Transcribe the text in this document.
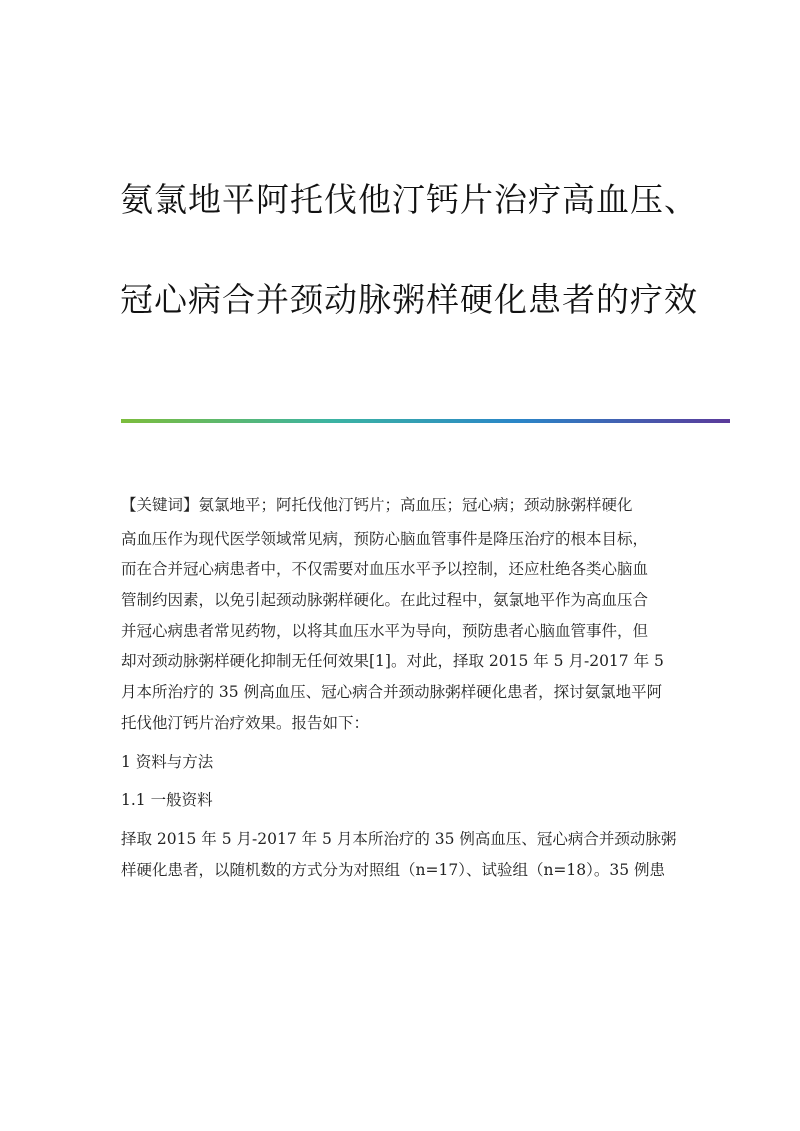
氨氯地平阿托伐他汀钙片治疗高血压、
冠心病合并颈动脉粥样硬化患者的疗效
【关键词】氨氯地平；阿托伐他汀钙片；高血压；冠心病；颈动脉粥样硬化
高血压作为现代医学领域常见病，预防心脑血管事件是降压治疗的根本目标，
而在合并冠心病患者中，不仅需要对血压水平予以控制，还应杜绝各类心脑血
管制约因素，以免引起颈动脉粥样硬化。在此过程中，氨氯地平作为高血压合
并冠心病患者常见药物，以将其血压水平为导向，预防患者心脑血管事件，但
却对颈动脉粥样硬化抑制无任何效果[1]。对此，择取 2015 年 5 月-2017 年 5
月本所治疗的 35 例高血压、冠心病合并颈动脉粥样硬化患者，探讨氨氯地平阿
托伐他汀钙片治疗效果。报告如下：
1 资料与方法
1.1 一般资料
择取 2015 年 5 月-2017 年 5 月本所治疗的 35 例高血压、冠心病合并颈动脉粥
样硬化患者，以随机数的方式分为对照组（n=17）、试验组（n=18）。35 例患
